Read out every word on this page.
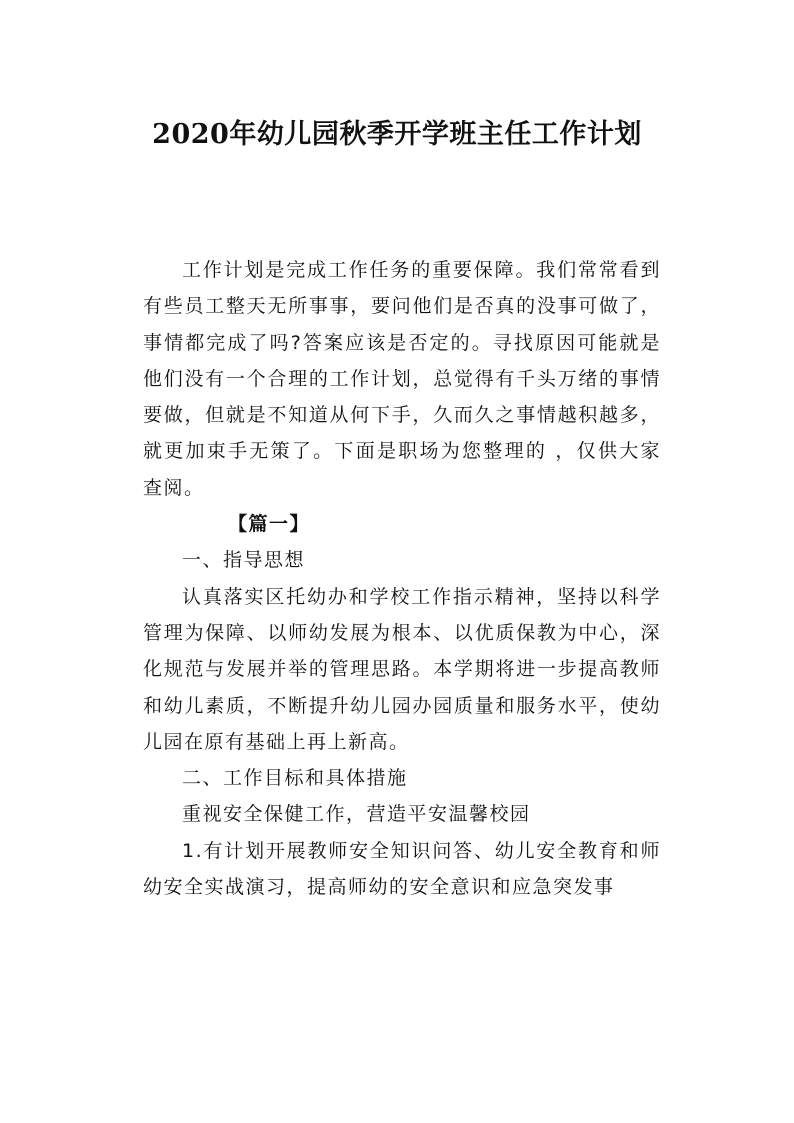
2020年幼儿园秋季开学班主任工作计划

工作计划是完成工作任务的重要保障。我们常常看到有些员工整天无所事事，要问他们是否真的没事可做了，事情都完成了吗?答案应该是否定的。寻找原因可能就是他们没有一个合理的工作计划，总觉得有千头万绪的事情要做，但就是不知道从何下手，久而久之事情越积越多，就更加束手无策了。下面是职场为您整理的 ，仅供大家查阅。

【篇一】

一、指导思想

认真落实区托幼办和学校工作指示精神，坚持以科学管理为保障、以师幼发展为根本、以优质保教为中心，深化规范与发展并举的管理思路。本学期将进一步提高教师和幼儿素质，不断提升幼儿园办园质量和服务水平，使幼儿园在原有基础上再上新高。

二、工作目标和具体措施

重视安全保健工作，营造平安温馨校园

1.有计划开展教师安全知识问答、幼儿安全教育和师幼安全实战演习，提高师幼的安全意识和应急突发事
